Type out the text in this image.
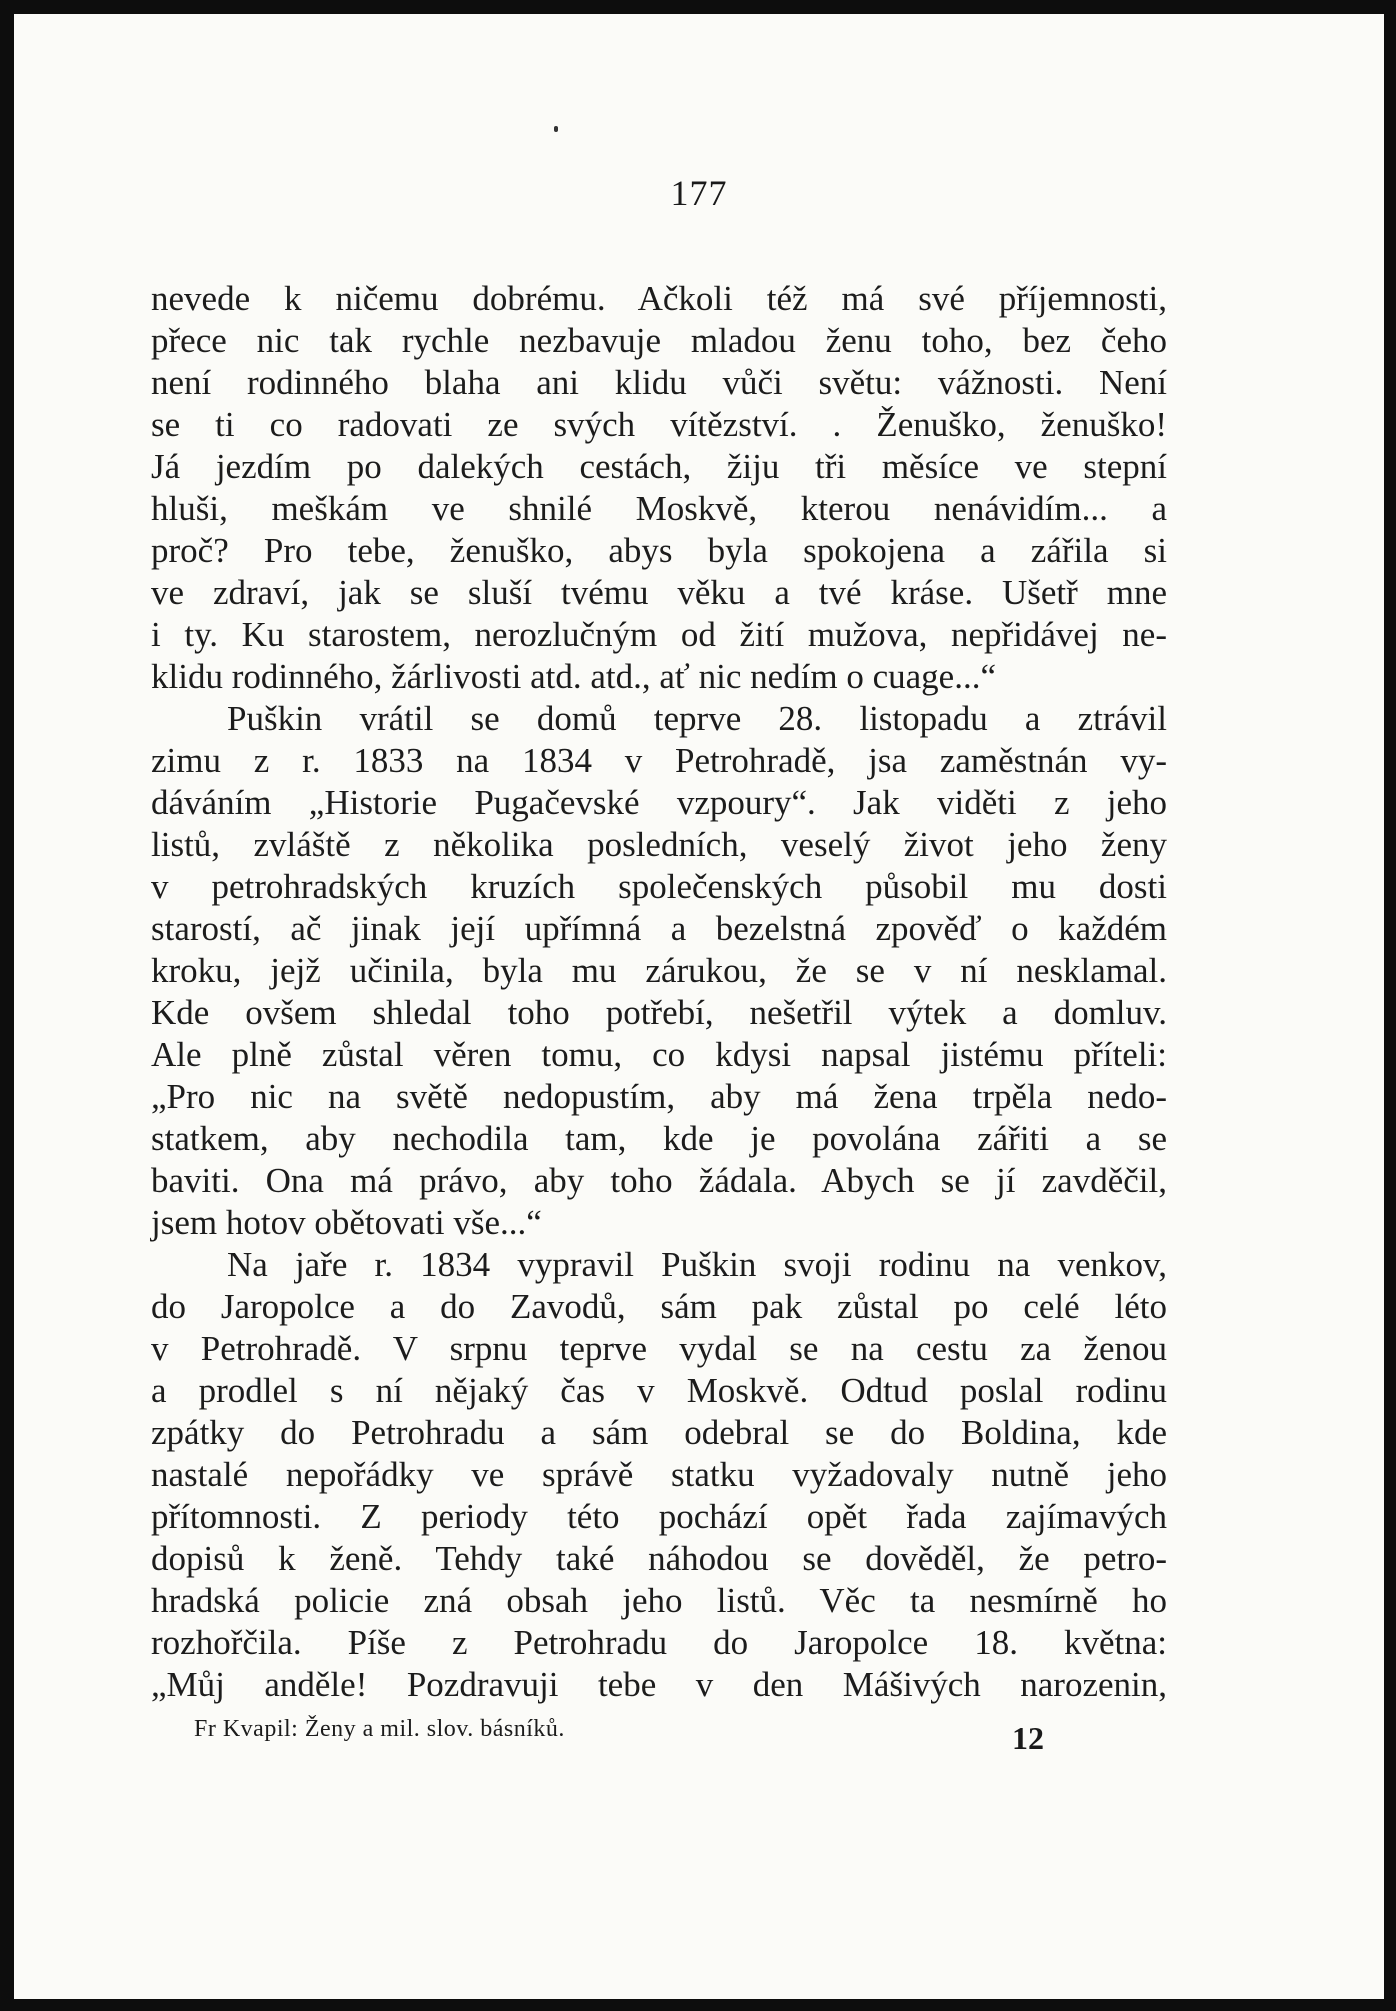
177
nevede k ničemu dobrému. Ačkoli též má své příjemnosti,
přece nic tak rychle nezbavuje mladou ženu toho, bez čeho
není rodinného blaha ani klidu vůči světu: vážnosti. Není
se ti co radovati ze svých vítězství. . Ženuško, ženuško!
Já jezdím po dalekých cestách, žiju tři měsíce ve stepní
hluši, meškám ve shnilé Moskvě, kterou nenávidím... a
proč? Pro tebe, ženuško, abys byla spokojena a zářila si
ve zdraví, jak se sluší tvému věku a tvé kráse. Ušetř mne
i ty. Ku starostem, nerozlučným od žití mužova, nepřidávej ne-
klidu rodinného, žárlivosti atd. atd., ať nic nedím o cuage...“
Puškin vrátil se domů teprve 28. listopadu a ztrávil
zimu z r. 1833 na 1834 v Petrohradě, jsa zaměstnán vy-
dáváním „Historie Pugačevské vzpoury“. Jak viděti z jeho
listů, zvláště z několika posledních, veselý život jeho ženy
v petrohradských kruzích společenských působil mu dosti
starostí, ač jinak její upřímná a bezelstná zpověď o každém
kroku, jejž učinila, byla mu zárukou, že se v ní nesklamal.
Kde ovšem shledal toho potřebí, nešetřil výtek a domluv.
Ale plně zůstal věren tomu, co kdysi napsal jistému příteli:
„Pro nic na světě nedopustím, aby má žena trpěla nedo-
statkem, aby nechodila tam, kde je povolána zářiti a se
baviti. Ona má právo, aby toho žádala. Abych se jí zavděčil,
jsem hotov obětovati vše...“
Na jaře r. 1834 vypravil Puškin svoji rodinu na venkov,
do Jaropolce a do Zavodů, sám pak zůstal po celé léto
v Petrohradě. V srpnu teprve vydal se na cestu za ženou
a prodlel s ní nějaký čas v Moskvě. Odtud poslal rodinu
zpátky do Petrohradu a sám odebral se do Boldina, kde
nastalé nepořádky ve správě statku vyžadovaly nutně jeho
přítomnosti. Z periody této pochází opět řada zajímavých
dopisů k ženě. Tehdy také náhodou se dověděl, že petro-
hradská policie zná obsah jeho listů. Věc ta nesmírně ho
rozhořčila. Píše z Petrohradu do Jaropolce 18. května:
„Můj anděle! Pozdravuji tebe v den Mášivých narozenin,
Fr Kvapil: Ženy a mil. slov. básníků.	12
